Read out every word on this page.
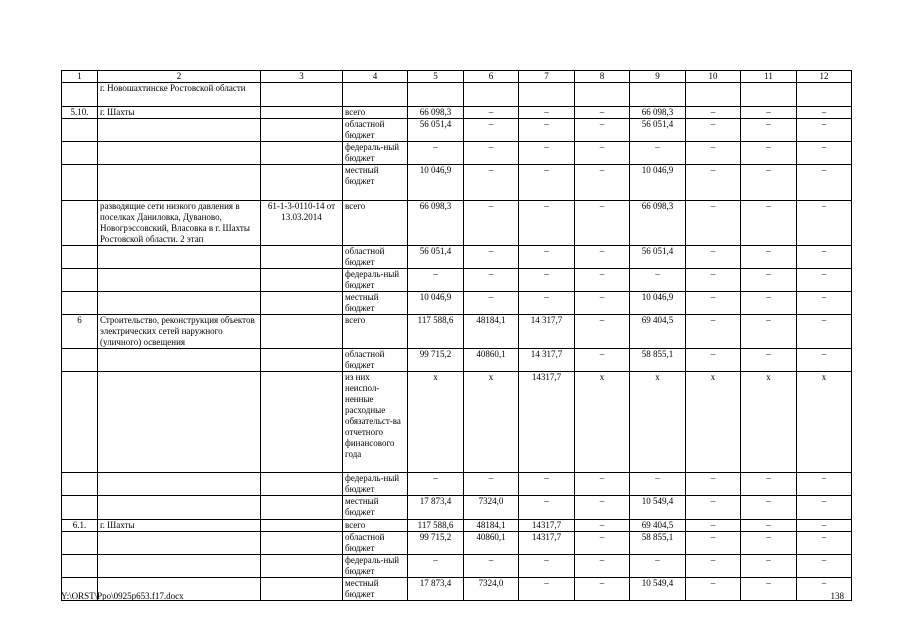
1	2	3	4	5	6	7	8	9	10	11	12
	г. Новошахтинске Ростовской области										
5.10.	г. Шахты		всего	66 098,3	–	–	–	66 098,3	–	–	–
			областной бюджет	56 051,4	–	–	–	56 051,4	–	–	–
			федераль-ный бюджет	–	–	–	–	–	–	–	–
			местный бюджет	10 046,9	–	–	–	10 046,9	–	–	–
	разводящие сети низкого давления в поселках Даниловка, Дуваново, Новогрэссовский, Власовка в г. Шахты Ростовской области. 2 этап	61-1-3-0110-14 от 13.03.2014	всего	66 098,3	–	–	–	66 098,3	–	–	–
			областной бюджет	56 051,4	–	–	–	56 051,4	–	–	–
			федераль-ный бюджет	–	–	–	–	–	–	–	–
			местный бюджет	10 046,9	–	–	–	10 046,9	–	–	–
6	Строительство, реконструкция объектов электрических сетей наружного (уличного) освещения		всего	117 588,6	48184,1	14 317,7	–	69 404,5	–	–	–
			областной бюджет	99 715,2	40860,1	14 317,7	–	58 855,1	–	–	–
			из них неиспол-ненные расходные обязательст-ва отчетного финансового года	х	х	14317,7	х	х	х	х	х
			федераль-ный бюджет	–	–	–	–	–	–	–	–
			местный бюджет	17 873,4	7324,0	–	–	10 549,4	–	–	–
6.1.	г. Шахты		всего	117 588,6	48184,1	14317,7	–	69 404,5	–	–	–
			областной бюджет	99 715,2	40860,1	14317,7	–	58 855,1	–	–	–
			федераль-ный бюджет	–	–	–	–	–	–	–	–
			местный бюджет	17 873,4	7324,0	–	–	10 549,4	–	–	–
Y:\ORST\Ppo\0925p653.f17.docx	138
